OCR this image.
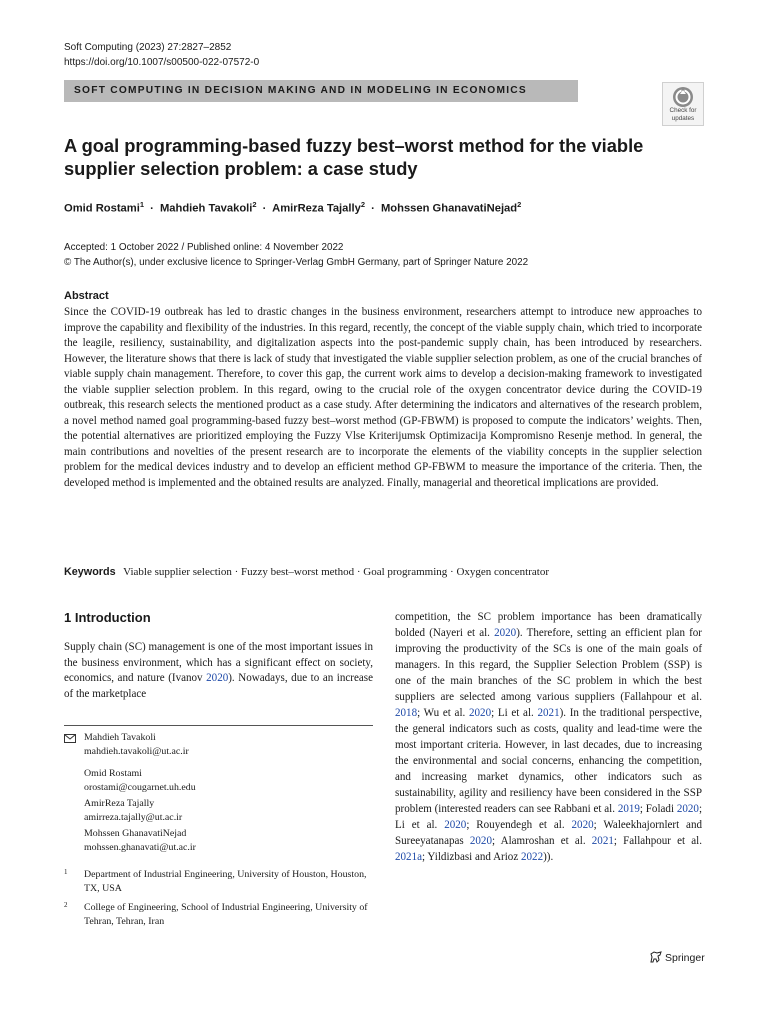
Soft Computing (2023) 27:2827–2852
https://doi.org/10.1007/s00500-022-07572-0
SOFT COMPUTING IN DECISION MAKING AND IN MODELING IN ECONOMICS
Check for
updates
A goal programming-based fuzzy best–worst method for the viable
supplier selection problem: a case study
Omid Rostami$^1$ · Mahdieh Tavakoli$^2$ · AmirReza Tajally$^2$ · Mohssen GhanavatiNejad$^2$
Accepted: 1 October 2022 / Published online: 4 November 2022
© The Author(s), under exclusive licence to Springer-Verlag GmbH Germany, part of Springer Nature 2022
Abstract
Since the COVID-19 outbreak has led to drastic changes in the business environment, researchers attempt to introduce new approaches to improve the capability and flexibility of the industries. In this regard, recently, the concept of the viable supply chain, which tried to incorporate the leagile, resiliency, sustainability, and digitalization aspects into the post-pandemic supply chain, has been introduced by researchers. However, the literature shows that there is lack of study that investigated the viable supplier selection problem, as one of the crucial branches of viable supply chain management. Therefore, to cover this gap, the current work aims to develop a decision-making framework to investigated the viable supplier selection problem. In this regard, owing to the crucial role of the oxygen concentrator device during the COVID-19 outbreak, this research selects the mentioned product as a case study. After determining the indicators and alternatives of the research problem, a novel method named goal programming-based fuzzy best–worst method (GP-FBWM) is proposed to compute the indicators’ weights. Then, the potential alternatives are prioritized employing the Fuzzy Vlse Kriterijumsk Optimizacija Kompromisno Resenje method. In general, the main contributions and novelties of the present research are to incorporate the elements of the viability concepts in the supplier selection problem for the medical devices industry and to develop an efficient method GP-FBWM to measure the importance of the criteria. Then, the developed method is implemented and the obtained results are analyzed. Finally, managerial and theoretical implications are provided.
Keywords Viable supplier selection · Fuzzy best–worst method · Goal programming · Oxygen concentrator
1 Introduction
Supply chain (SC) management is one of the most important issues in the business environment, which has a significant effect on society, economics, and nature (Ivanov 2020). Nowadays, due to an increase of the marketplace
Mahdieh Tavakoli
mahdieh.tavakoli@ut.ac.ir
Omid Rostami
orostami@cougarnet.uh.edu
AmirReza Tajally
amirreza.tajally@ut.ac.ir
Mohssen GhanavatiNejad
mohssen.ghanavati@ut.ac.ir
1 Department of Industrial Engineering, University of Houston, Houston, TX, USA
2 College of Engineering, School of Industrial Engineering, University of Tehran, Tehran, Iran
competition, the SC problem importance has been dramatically bolded (Nayeri et al. 2020). Therefore, setting an efficient plan for improving the productivity of the SCs is one of the main goals of managers. In this regard, the Supplier Selection Problem (SSP) is one of the main branches of the SC problem in which the best suppliers are selected among various suppliers (Fallahpour et al. 2018; Wu et al. 2020; Li et al. 2021). In the traditional perspective, the general indicators such as costs, quality and lead-time were the most important criteria. However, in last decades, due to increasing the environmental and social concerns, enhancing the competition, and increasing market dynamics, other indicators such as sustainability, agility and resiliency have been considered in the SSP problem (interested readers can see Rabbani et al. 2019; Foladi 2020; Li et al. 2020; Rouyendegh et al. 2020; Waleekhajornlert and Sureeyatanapas 2020; Alamroshan et al. 2021; Fallahpour et al. 2021a; Yildizbasi and Arioz 2022)).
Springer
